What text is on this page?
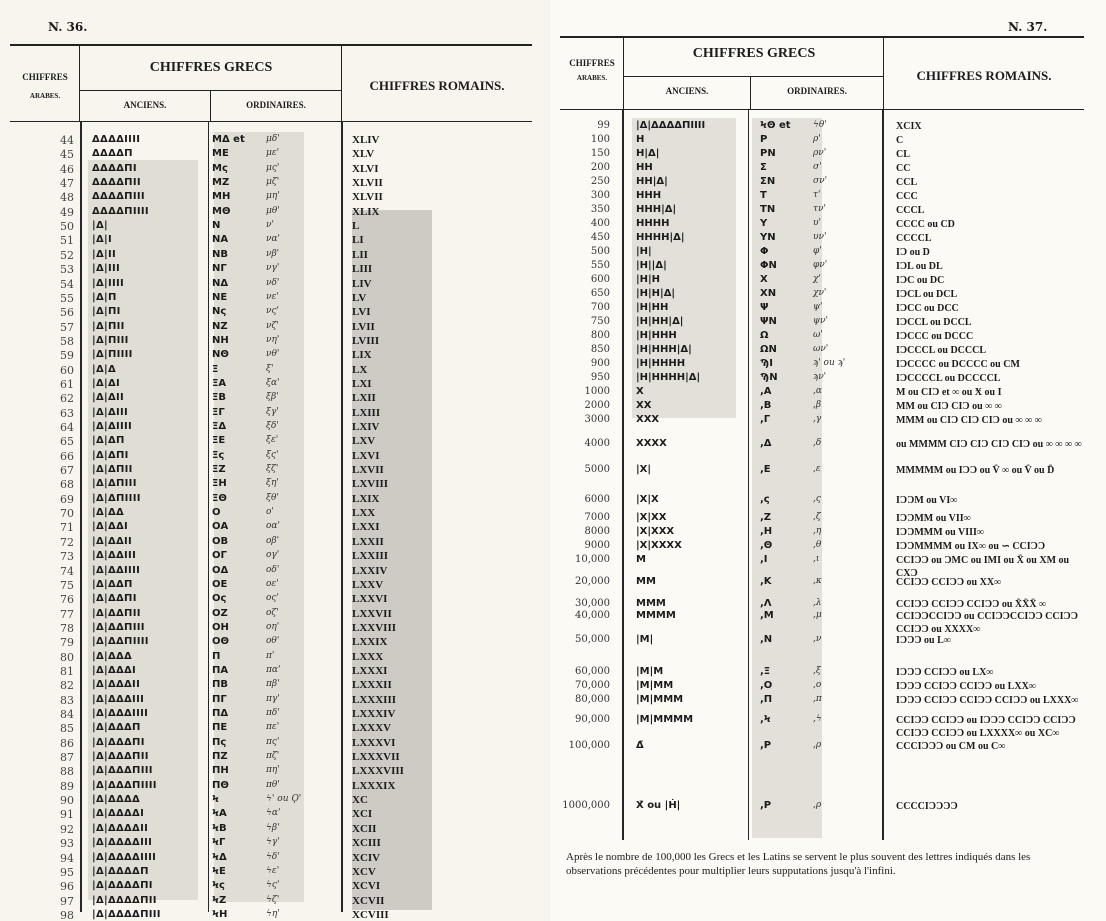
N. 36.
CHIFFRES
ARABES.
CHIFFRES GRECS
ANCIENS.	ORDINAIRES.
CHIFFRES ROMAINS.
44 ΔΔΔΔΙΙΙΙ	ΜΔ et	μδ'	XLIV
45 ΔΔΔΔΠ	ΜΕ	με'	XLV
46 ΔΔΔΔΠΙ	Μς	μς'	XLVI
47 ΔΔΔΔΠΙΙ	ΜΖ	μζ'	XLVII
48 ΔΔΔΔΠΙΙΙ	ΜΗ	μη'	XLVII
49 ΔΔΔΔΠΙΙΙΙ	ΜΘ	μθ'	XLIX
50 |Δ|	Ν	ν'	L
51 |Δ|Ι	ΝΑ	να'	LI
52 |Δ|ΙΙ	ΝΒ	νβ'	LII
53 |Δ|ΙΙΙ	ΝΓ	νγ'	LIII
54 |Δ|ΙΙΙΙ	ΝΔ	νδ'	LIV
55 |Δ|Π	ΝΕ	νε'	LV
56 |Δ|ΠΙ	Νς	νς'	LVI
57 |Δ|ΠΙΙ	ΝΖ	νζ'	LVII
58 |Δ|ΠΙΙΙ	ΝΗ	νη'	LVIII
59 |Δ|ΠΙΙΙΙ	ΝΘ	νθ'	LIX
60 |Δ|Δ	Ξ	ξ'	LX
61 |Δ|ΔΙ	ΞΑ	ξα'	LXI
62 |Δ|ΔΙΙ	ΞΒ	ξβ'	LXII
63 |Δ|ΔΙΙΙ	ΞΓ	ξγ'	LXIII
64 |Δ|ΔΙΙΙΙ	ΞΔ	ξδ'	LXIV
65 |Δ|ΔΠ	ΞΕ	ξε'	LXV
66 |Δ|ΔΠΙ	Ξς	ξς'	LXVI
67 |Δ|ΔΠΙΙ	ΞΖ	ξζ'	LXVII
68 |Δ|ΔΠΙΙΙ	ΞΗ	ξη'	LXVIII
69 |Δ|ΔΠΙΙΙΙ	ΞΘ	ξθ'	LXIX
70 |Δ|ΔΔ	Ο	ο'	LXX
71 |Δ|ΔΔΙ	ΟΑ	οα'	LXXI
72 |Δ|ΔΔΙΙ	ΟΒ	οβ'	LXXII
73 |Δ|ΔΔΙΙΙ	ΟΓ	ογ'	LXXIII
74 |Δ|ΔΔΙΙΙΙ	ΟΔ	οδ'	LXXIV
75 |Δ|ΔΔΠ	ΟΕ	οε'	LXXV
76 |Δ|ΔΔΠΙ	Ος	ος'	LXXVI
77 |Δ|ΔΔΠΙΙ	ΟΖ	οζ'	LXXVII
78 |Δ|ΔΔΠΙΙΙ	ΟΗ	οη'	LXXVIII
79 |Δ|ΔΔΠΙΙΙΙ	ΟΘ	οθ'	LXXIX
80 |Δ|ΔΔΔ	Π	π'	LXXX
81 |Δ|ΔΔΔΙ	ΠΑ	πα'	LXXXI
82 |Δ|ΔΔΔΙΙ	ΠΒ	πβ'	LXXXII
83 |Δ|ΔΔΔΙΙΙ	ΠΓ	πγ'	LXXXIII
84 |Δ|ΔΔΔΙΙΙΙ	ΠΔ	πδ'	LXXXIV
85 |Δ|ΔΔΔΠ	ΠΕ	πε'	LXXXV
86 |Δ|ΔΔΔΠΙ	Πς	πς'	LXXXVI
87 |Δ|ΔΔΔΠΙΙ	ΠΖ	πζ'	LXXXVII
88 |Δ|ΔΔΔΠΙΙΙ	ΠΗ	πη'	LXXXVIII
89 |Δ|ΔΔΔΠΙΙΙΙ	ΠΘ	πθ'	LXXXIX
90 |Δ|ΔΔΔΔ	Ϟ	ϟ' ou Ϙ'	XC
91 |Δ|ΔΔΔΔΙ	ϞΑ	ϟα'	XCI
92 |Δ|ΔΔΔΔΙΙ	ϞΒ	ϟβ'	XCII
93 |Δ|ΔΔΔΔΙΙΙ	ϞΓ	ϟγ'	XCIII
94 |Δ|ΔΔΔΔΙΙΙΙ	ϞΔ	ϟδ'	XCIV
95 |Δ|ΔΔΔΔΠ	ϞΕ	ϟε'	XCV
96 |Δ|ΔΔΔΔΠΙ	Ϟς	ϟς'	XCVI
97 |Δ|ΔΔΔΔΠΙΙ	ϞΖ	ϟζ'	XCVII
98 |Δ|ΔΔΔΔΠΙΙΙ	ϞΗ	ϟη'	XCVIII
N. 37.
CHIFFRES
ARABES.
CHIFFRES GRECS
ANCIENS.	ORDINAIRES.
CHIFFRES ROMAINS.
99	|Δ|ΔΔΔΔΠΙΙΙΙ	ϞΘ et	ϟθ'	XCIX
100	Η	Ρ	ρ'	C
150	Η|Δ|	ΡΝ	ρν'	CL
200	ΗΗ	Σ	σ'	CC
250	ΗΗ|Δ|	ΣΝ	σν'	CCL
300	ΗΗΗ	Τ	τ'	CCC
350	ΗΗΗ|Δ|	ΤΝ	τν'	CCCL
400	ΗΗΗΗ	Υ	υ'	CCCC ou CD
450	ΗΗΗΗ|Δ|	ΥΝ	υν'	CCCCL
500	|Η|	Φ	φ'	IƆ ou D
550	|Η||Δ|	ΦΝ	φν'	IƆL ou DL
600	|Η|Η	Χ	χ'	IƆC ou DC
650	|Η|Η|Δ|	ΧΝ	χν'	IƆCL ou DCL
700	|Η|ΗΗ	Ψ	ψ'	IƆCC ou DCC
750	|Η|ΗΗ|Δ|	ΨΝ	ψν'	IƆCCL ou DCCL
800	|Η|ΗΗΗ	Ω	ω'	IƆCCC ou DCCC
850	|Η|ΗΗΗ|Δ|	ΩΝ	ων'	IƆCCCL ou DCCCL
900	|Η|ΗΗΗΗ	ϠΙ	ϡ' ou ϡ'	IƆCCCC ou DCCCC ou CM
950	|Η|ΗΗΗΗ|Δ|	ϠΝ	ϡν'	IƆCCCCL ou DCCCCL
1000	Χ	,Α	,α	M ou CIƆ et ∞ ou Ӿ ou I
2000	ΧΧ	,Β	,β	MM ou CIƆ CIƆ ou ∞ ∞
3000	ΧΧΧ	,Γ	,γ	MMM ou CIƆ CIƆ CIƆ ou ∞ ∞ ∞
4000	ΧΧΧΧ	,Δ	,δ	ou MMMM CIƆ CIƆ CIƆ CIƆ ou ∞ ∞ ∞ ∞
5000	|Χ|	,Ε	,ε	MMMMM ou IƆƆ ou V̄ ∞ ou V̄ ou D̄
6000	|Χ|Χ	,ς	,ς	IƆƆM ou VI∞
7000	|Χ|ΧΧ	,Ζ	,ζ	IƆƆMM ou VII∞
8000	|Χ|ΧΧΧ	,Η	,η	IƆƆMMM ou VIII∞
9000	|Χ|ΧΧΧΧ	,Θ	,θ	IƆƆMMMM ou IX∞ ou ∽ CCIƆƆ
10,000	Μ	,Ι	,ι	CCIƆƆ ou ƆMC ou IMI ou X̄ ou XM ou CXƆ
20,000	ΜΜ	,Κ	,κ	CCIƆƆ CCIƆƆ ou XX∞
30,000	ΜΜΜ	,Λ	,λ	CCIƆƆ CCIƆƆ CCIƆƆ ou X̄X̄X̄ ∞
40,000	ΜΜΜΜ	,Μ	,μ	CCIƆƆCCIƆƆ ou CCIƆƆCCIƆƆ CCIƆƆ CCIƆƆ ou XXXX∞
50,000	|Μ|	,Ν	,ν	IƆƆƆ ou L∞
60,000	|Μ|Μ	,Ξ	,ξ	IƆƆƆ CCIƆƆ ou LX∞
70,000	|Μ|ΜΜ	,Ο	,ο	IƆƆƆ CCIƆƆ CCIƆƆ ou LXX∞
80,000	|Μ|ΜΜΜ	,Π	,π	IƆƆƆ CCIƆƆ CCIƆƆ CCIƆƆ ou LXXX∞
90,000	|Μ|ΜΜΜΜ	,Ϟ	,ϟ	CCIƆƆ CCIƆƆ ou IƆƆƆ CCIƆƆ CCIƆƆ CCIƆƆ CCIƆƆ ou LXXXX∞ ou XC∞
100,000	Δ̄	,Ρ	,ρ	CCCIƆƆƆ ou CM ou C∞
1000,000	Χ̄ ou |Ḣ|	,Ρ	,ρ	CCCCIƆƆƆƆ
Après le nombre de 100,000 les Grecs et les Latins se servent le plus souvent des lettres indiqués dans les observations précédentes pour multiplier leurs supputations jusqu'à l'infini.
